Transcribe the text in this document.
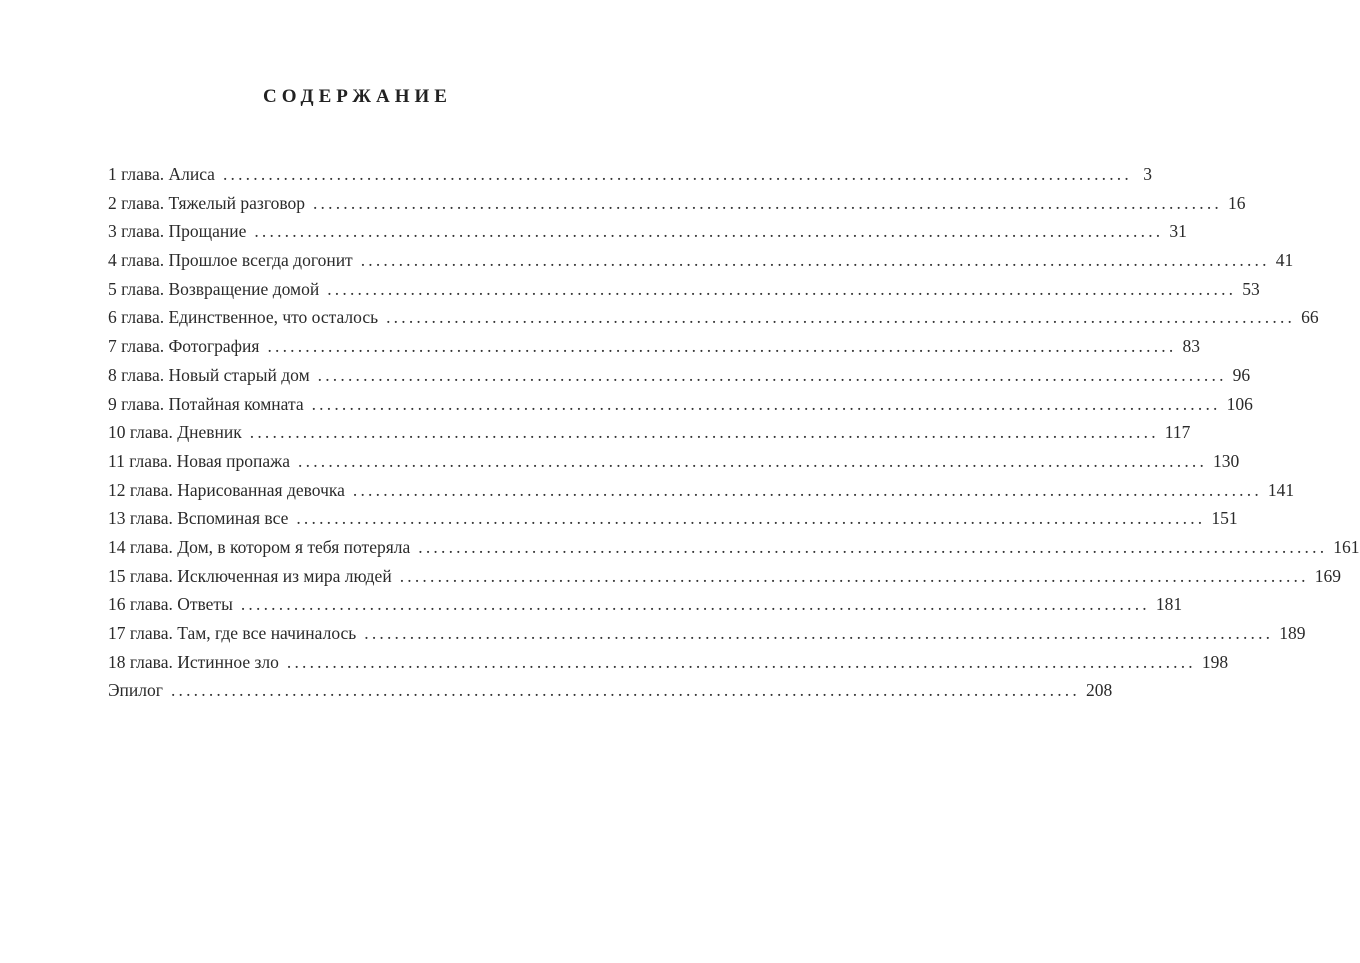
СОДЕРЖАНИЕ
1 глава. Алиса ........................................................................................................................ 3
2 глава. Тяжелый разговор ........................................................................................................................ 16
3 глава. Прощание ........................................................................................................................ 31
4 глава. Прошлое всегда догонит ........................................................................................................................ 41
5 глава. Возвращение домой ........................................................................................................................ 53
6 глава. Единственное, что осталось ........................................................................................................................ 66
7 глава. Фотография ........................................................................................................................ 83
8 глава. Новый старый дом ........................................................................................................................ 96
9 глава. Потайная комната ........................................................................................................................ 106
10 глава. Дневник ........................................................................................................................ 117
11 глава. Новая пропажа ........................................................................................................................ 130
12 глава. Нарисованная девочка ........................................................................................................................ 141
13 глава. Вспоминая все ........................................................................................................................ 151
14 глава. Дом, в котором я тебя потеряла ........................................................................................................................ 161
15 глава. Исключенная из мира людей ........................................................................................................................ 169
16 глава. Ответы ........................................................................................................................ 181
17 глава. Там, где все начиналось ........................................................................................................................ 189
18 глава. Истинное зло ........................................................................................................................ 198
Эпилог ........................................................................................................................ 208
